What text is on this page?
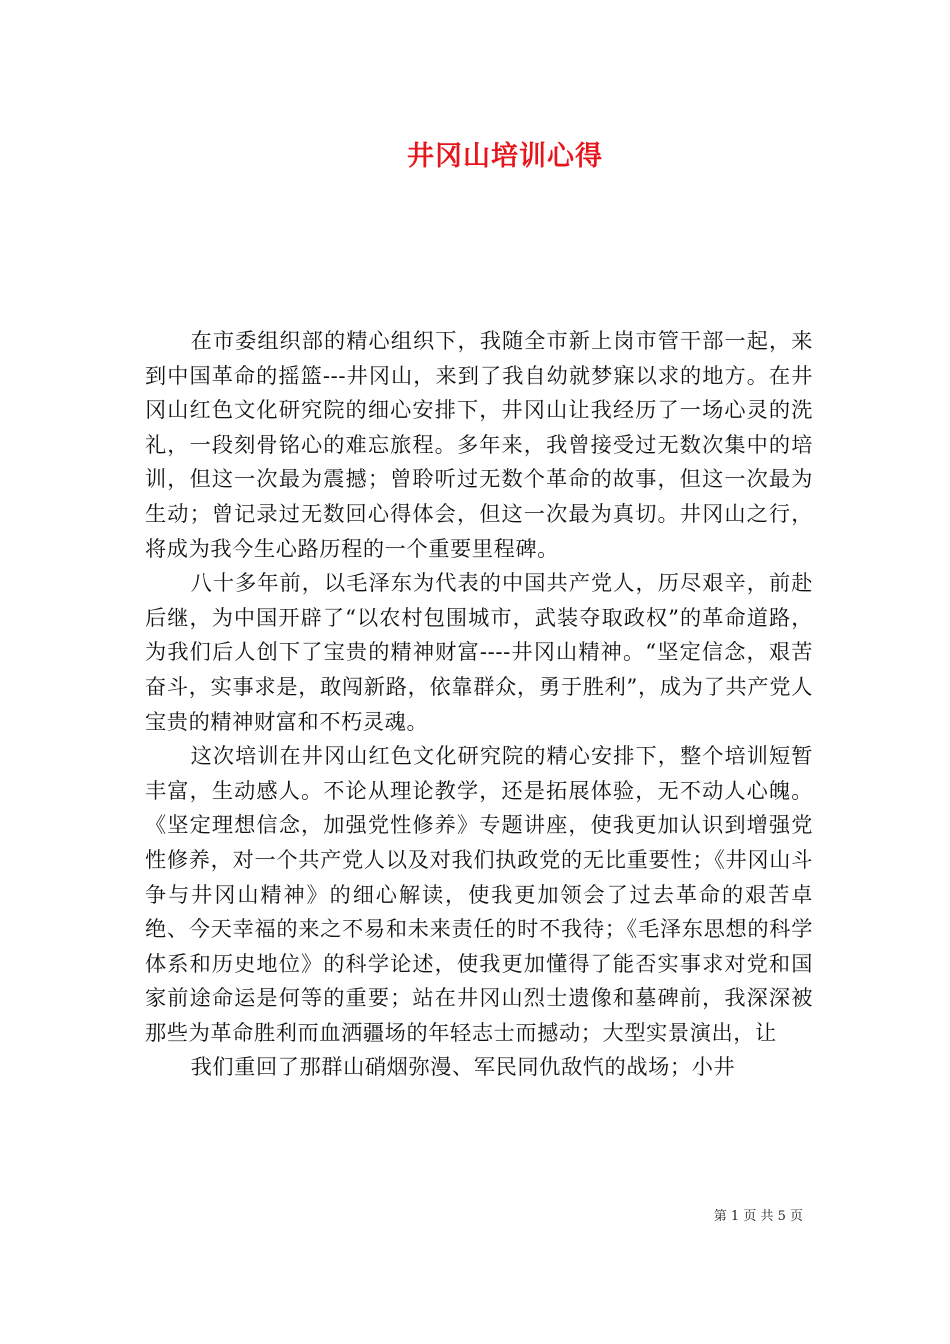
井冈山培训心得

在市委组织部的精心组织下，我随全市新上岗市管干部一起，来到中国革命的摇篮---井冈山，来到了我自幼就梦寐以求的地方。在井冈山红色文化研究院的细心安排下，井冈山让我经历了一场心灵的洗礼，一段刻骨铭心的难忘旅程。多年来，我曾接受过无数次集中的培训，但这一次最为震撼；曾聆听过无数个革命的故事，但这一次最为生动；曾记录过无数回心得体会，但这一次最为真切。井冈山之行，将成为我今生心路历程的一个重要里程碑。

八十多年前，以毛泽东为代表的中国共产党人，历尽艰辛，前赴后继，为中国开辟了“以农村包围城市，武装夺取政权”的革命道路，为我们后人创下了宝贵的精神财富----井冈山精神。“坚定信念，艰苦奋斗，实事求是，敢闯新路，依靠群众，勇于胜利”，成为了共产党人宝贵的精神财富和不朽灵魂。

这次培训在井冈山红色文化研究院的精心安排下，整个培训短暂丰富，生动感人。不论从理论教学，还是拓展体验，无不动人心魄。《坚定理想信念，加强党性修养》专题讲座，使我更加认识到增强党性修养，对一个共产党人以及对我们执政党的无比重要性；《井冈山斗争与井冈山精神》的细心解读，使我更加领会了过去革命的艰苦卓绝、今天幸福的来之不易和未来责任的时不我待；《毛泽东思想的科学体系和历史地位》的科学论述，使我更加懂得了能否实事求对党和国家前途命运是何等的重要；站在井冈山烈士遗像和墓碑前，我深深被那些为革命胜利而血洒疆场的年轻志士而撼动；大型实景演出，让

我们重回了那群山硝烟弥漫、军民同仇敌忾的战场；小井

第 1 页 共 5 页
